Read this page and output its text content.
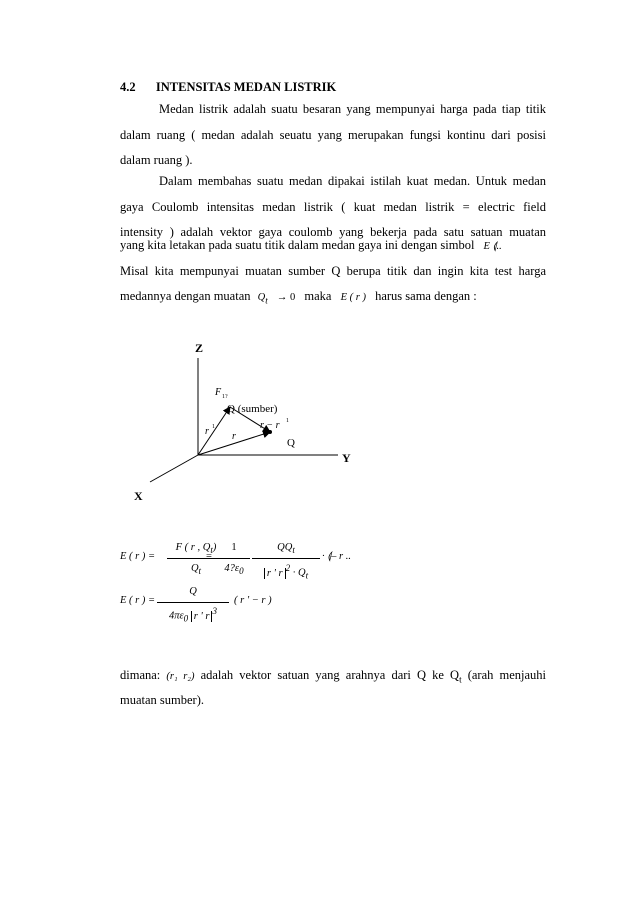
4.2 INTENSITAS MEDAN LISTRIK
Medan listrik adalah suatu besaran yang mempunyai harga pada tiap titik
dalam ruang ( medan adalah seuatu yang merupakan fungsi kontinu dari posisi
dalam ruang ).
Dalam membahas suatu medan dipakai istilah kuat medan. Untuk medan
gaya Coulomb intensitas medan listrik ( kuat medan listrik = electric field
intensity ) adalah vektor gaya coulomb yang bekerja pada satu satuan muatan
yang kita letakan pada suatu titik dalam medan gaya ini dengan simbol E ⟬..
Misal kita mempunyai muatan sumber Q berupa titik dan ingin kita test harga
medannya dengan muatan $Q_t \to 0$ maka E ( r ) harus sama dengan :
Z
Y
X
F 1?
Q (sumber)
r 1
r
r − r 1
Q
E ( r ) =
F ( r , $Q_t$)
$Q_t$
=
1
$4?\varepsilon_0$
$QQ_t$
r ' r $^2 \cdot Q_t$
· ⟬– r ..
E ( r ) =
Q
$4\pi\varepsilon_0$ r ' r $^3$
( r ' − r )
dimana: (r₁ r₂) adalah vektor satuan yang arahnya dari Q ke $Q_t$ (arah menjauhi
muatan sumber).
